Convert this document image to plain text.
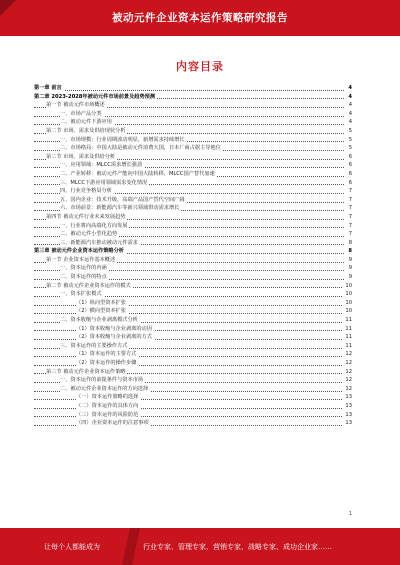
被动元件企业资本运作策略研究报告
内容目录
第一章 前言	4
第二章 2023-2028年被动元件市场前景及趋势预测	4
第一节 被动元件市场概述	4
一、市场产品分类	4
二、被动元件下游应用	4
第二节 市场、需求及供给现状分析	5
一、市场规模：行业周期波动明显，新增需求持续增长	5
二、市场格局：中国大陆是被动元件消费大国，日本厂商占据主导地位	5
第三节 市场、需求及供给分析	6
一、应用领域：MLCC需求增长强劲	6
二、产业转移：被动元件产能向中国大陆转移，MLCC国产替代加速	6
三、MLCC下游应用领域需求变化情况	6
四、行业竞争格局分析	7
五、国内企业：技术升级，高端产品国产替代空间广阔	7
六、市场前景：新能源汽车等新兴领域带动需求增长	7
第四节 被动元件行业未来发展趋势	7
一、行业将向高端化方向发展	7
二、被动元件小型化趋势	7
三、新能源汽车推动被动元件需求	8
第三章 被动元件企业资本运作策略分析	8
第一节 企业资本运作基本概述	9
一、资本运作的内涵	9
二、资本运作的特点	9
第二节 被动元件企业资本运作的模式	10
一、资本扩张模式	10
（1）纵向型资本扩张	10
（2）横向型资本扩张	10
二、资本收缩与企业剥离模式分析	11
（1）资本收缩与企业剥离的动因	11
（2）资本收缩与企业剥离的方式	11
三、资本运作的主要操作方式	11
（1）资本运作的主要方式	12
（2）资本运作的操作步骤	12
第三节 被动元件企业资本运作策略	12
一、资本运作的前提条件与资本市场	12
二、被动元件企业资本运作的方向选择	12
（一）资本运作策略的选择	13
（二）资本运作的具体方向	13
（三）资本运作的风险防范	13
（四）企业资本运作的注意事项	13
1
让每个人都能成为	行业专家、管理专家、营销专家、战略专家、成功企业家……
